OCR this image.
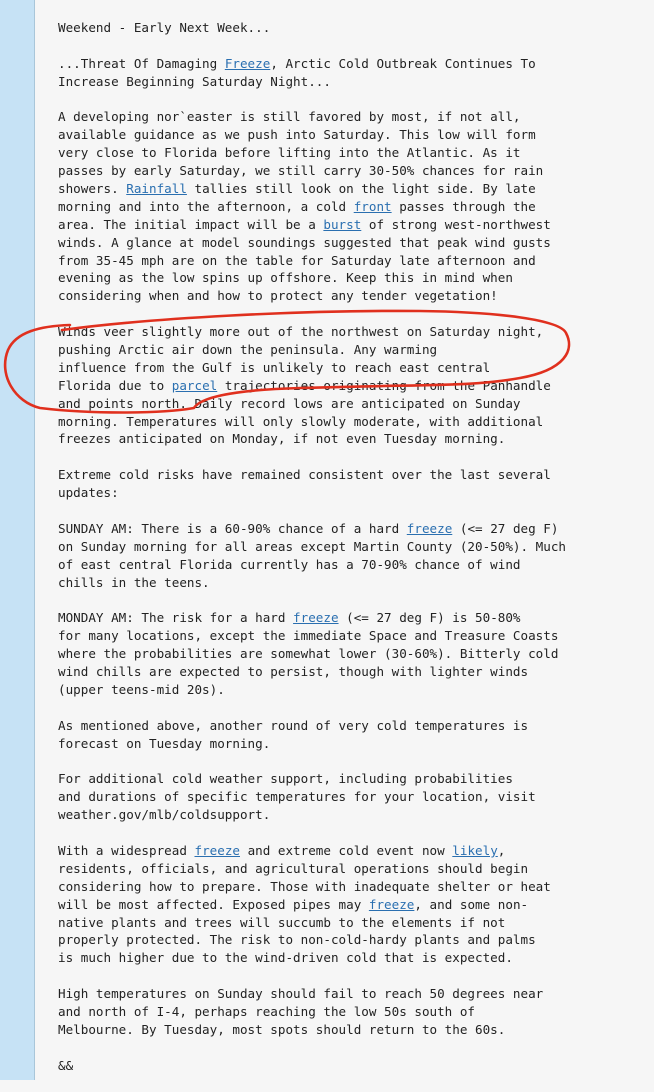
Weekend - Early Next Week...
...Threat Of Damaging Freeze, Arctic Cold Outbreak Continues To
Increase Beginning Saturday Night...
A developing nor`easter is still favored by most, if not all,
available guidance as we push into Saturday. This low will form
very close to Florida before lifting into the Atlantic. As it
passes by early Saturday, we still carry 30-50% chances for rain
showers. Rainfall tallies still look on the light side. By late
morning and into the afternoon, a cold front passes through the
area. The initial impact will be a burst of strong west-northwest
winds. A glance at model soundings suggested that peak wind gusts
from 35-45 mph are on the table for Saturday late afternoon and
evening as the low spins up offshore. Keep this in mind when
considering when and how to protect any tender vegetation!
Winds veer slightly more out of the northwest on Saturday night,
pushing Arctic air down the peninsula. Any warming
influence from the Gulf is unlikely to reach east central
Florida due to parcel trajectories originating from the Panhandle
and points north. Daily record lows are anticipated on Sunday
morning. Temperatures will only slowly moderate, with additional
freezes anticipated on Monday, if not even Tuesday morning.
Extreme cold risks have remained consistent over the last several
updates:
SUNDAY AM: There is a 60-90% chance of a hard freeze (<= 27 deg F)
on Sunday morning for all areas except Martin County (20-50%). Much
of east central Florida currently has a 70-90% chance of wind
chills in the teens.
MONDAY AM: The risk for a hard freeze (<= 27 deg F) is 50-80%
for many locations, except the immediate Space and Treasure Coasts
where the probabilities are somewhat lower (30-60%). Bitterly cold
wind chills are expected to persist, though with lighter winds
(upper teens-mid 20s).
As mentioned above, another round of very cold temperatures is
forecast on Tuesday morning.
For additional cold weather support, including probabilities
and durations of specific temperatures for your location, visit
weather.gov/mlb/coldsupport.
With a widespread freeze and extreme cold event now likely,
residents, officials, and agricultural operations should begin
considering how to prepare. Those with inadequate shelter or heat
will be most affected. Exposed pipes may freeze, and some non-
native plants and trees will succumb to the elements if not
properly protected. The risk to non-cold-hardy plants and palms
is much higher due to the wind-driven cold that is expected.
High temperatures on Sunday should fail to reach 50 degrees near
and north of I-4, perhaps reaching the low 50s south of
Melbourne. By Tuesday, most spots should return to the 60s.
&&
